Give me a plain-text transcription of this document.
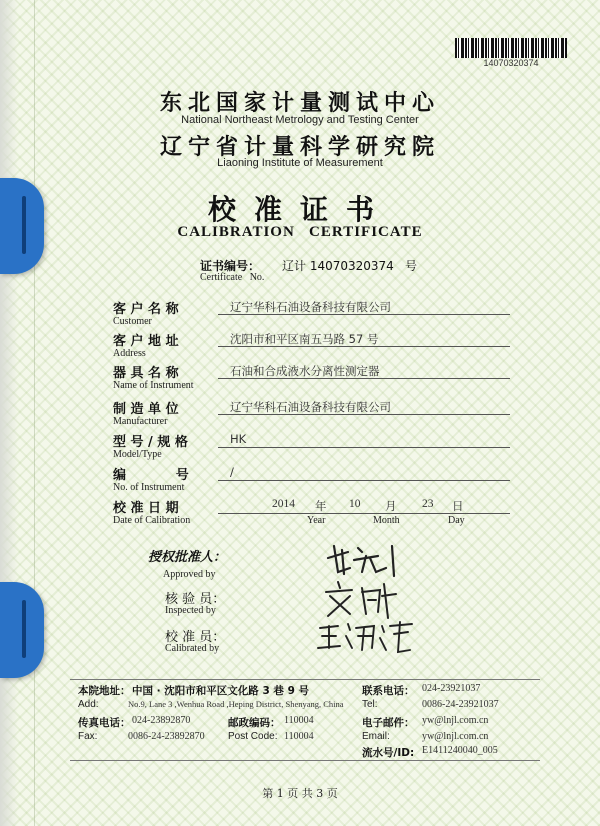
14070320374
东北国家计量测试中心
National Northeast Metrology and Testing Center
辽宁省计量科学研究院
Liaoning Institute of Measurement
校准证书
CALIBRATION   CERTIFICATE
证书编号： 辽计 14070320374 号
Certificate   No.
客 户 名 称
Customer
辽宁华科石油设备科技有限公司
客 户 地 址
Address
沈阳市和平区南五马路 57 号
器 具 名 称
Name of Instrument
石油和合成液水分离性测定器
制 造 单 位
Manufacturer
辽宁华科石油设备科技有限公司
型 号 / 规 格
Model/Type
HK
编           号
No. of Instrument
/
校 准 日 期
Date of Calibration
2014 年
Year
10 月
Month
23 日
Day
授权批准人：
Approved by
核 验 员：
Inspected by
校 准 员：
Calibrated by
本院地址： 中国 · 沈阳市和平区文化路 3 巷 9 号	联系电话： 024-23921037
Add:	No.9, Lane 3 ,Wenhua Road ,Heping District, Shenyang, China Tel:	0086-24-23921037
传真电话： 024-23892870	邮政编码： 110004	电子邮件： yw@lnjl.com.cn
Fax:	0086-24-23892870 Post Code: 110004	Email:	yw@lnjl.com.cn
流水号/ID: E1411240040_005
第 1 页 共 3 页
